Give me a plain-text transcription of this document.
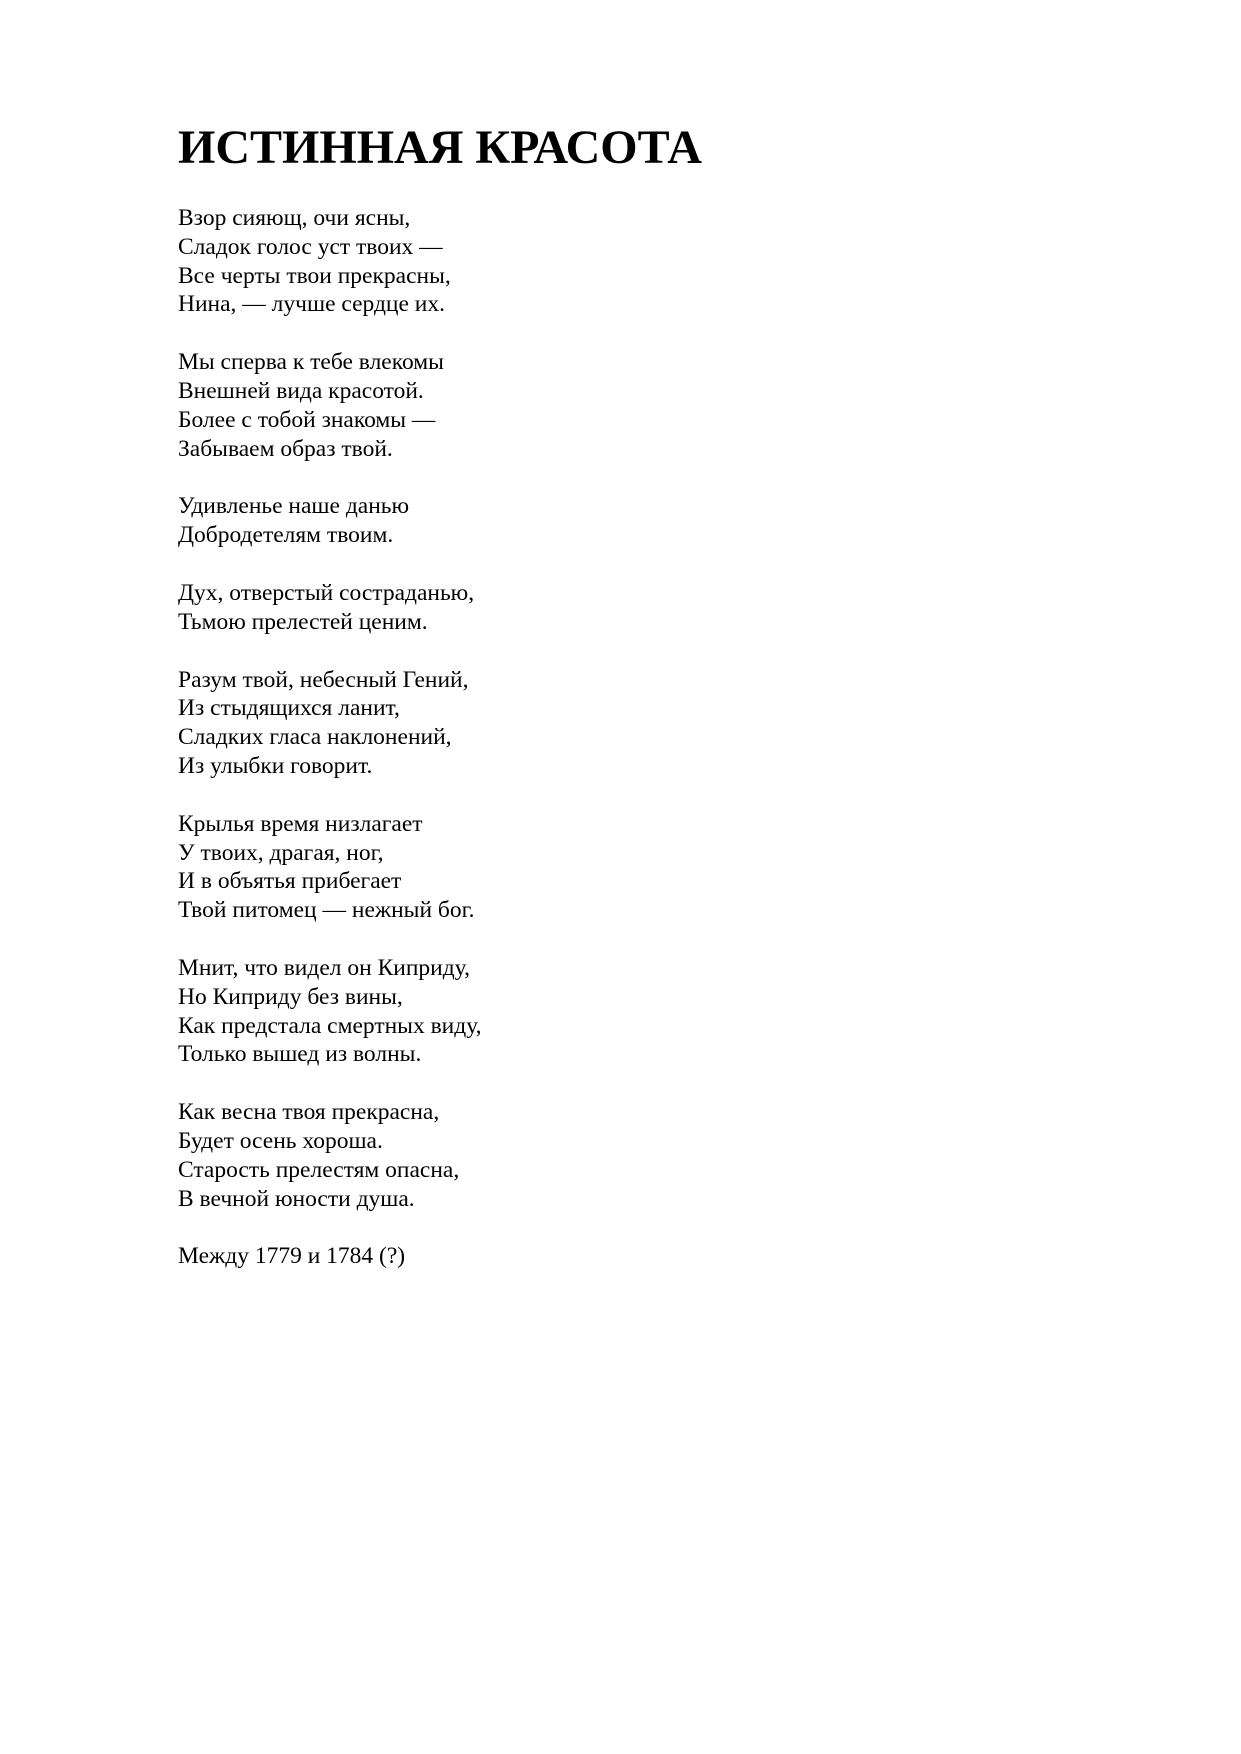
ИСТИННАЯ КРАСОТА
Взор сияющ, очи ясны,
Сладок голос уст твоих —
Все черты твои прекрасны,
Нина, — лучше сердце их.
Мы сперва к тебе влекомы
Внешней вида красотой.
Более с тобой знакомы —
Забываем образ твой.
Удивленье наше данью
Добродетелям твоим.
Дух, отверстый состраданью,
Тьмою прелестей ценим.
Разум твой, небесный Гений,
Из стыдящихся ланит,
Сладких гласа наклонений,
Из улыбки говорит.
Крылья время низлагает
У твоих, драгая, ног,
И в объятья прибегает
Твой питомец — нежный бог.
Мнит, что видел он Киприду,
Но Киприду без вины,
Как предстала смертных виду,
Только вышед из волны.
Как весна твоя прекрасна,
Будет осень хороша.
Старость прелестям опасна,
В вечной юности душа.
Между 1779 и 1784 (?)
